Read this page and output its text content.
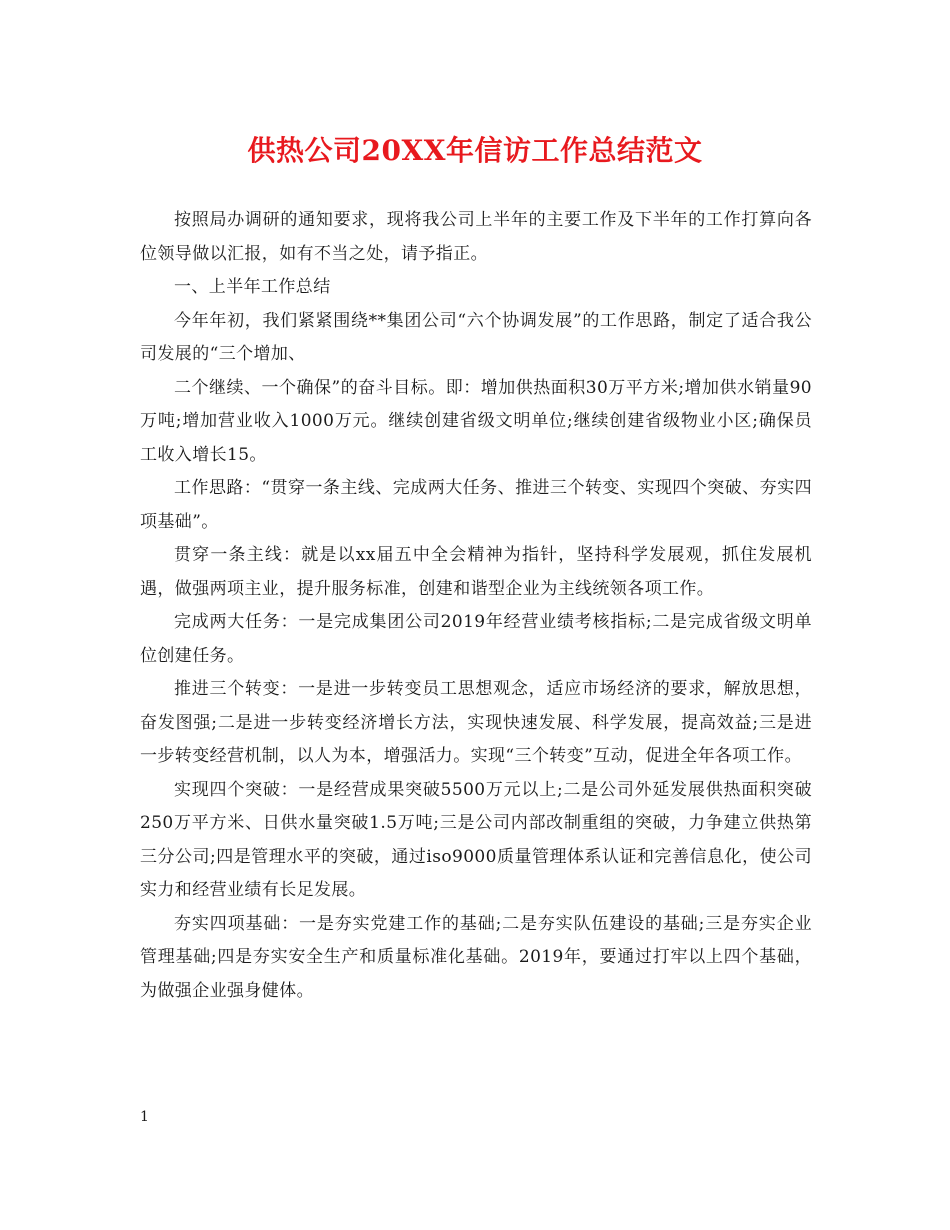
供热公司20XX年信访工作总结范文

按照局办调研的通知要求，现将我公司上半年的主要工作及下半年的工作打算向各位领导做以汇报，如有不当之处，请予指正。

一、上半年工作总结

今年年初，我们紧紧围绕**集团公司“六个协调发展”的工作思路，制定了适合我公司发展的“三个增加、

二个继续、一个确保”的奋斗目标。即：增加供热面积30万平方米;增加供水销量90万吨;增加营业收入1000万元。继续创建省级文明单位;继续创建省级物业小区;确保员工收入增长15。

工作思路：“贯穿一条主线、完成两大任务、推进三个转变、实现四个突破、夯实四项基础”。

贯穿一条主线：就是以xx届五中全会精神为指针，坚持科学发展观，抓住发展机遇，做强两项主业，提升服务标准，创建和谐型企业为主线统领各项工作。

完成两大任务：一是完成集团公司2019年经营业绩考核指标;二是完成省级文明单位创建任务。

推进三个转变：一是进一步转变员工思想观念，适应市场经济的要求，解放思想，奋发图强;二是进一步转变经济增长方法，实现快速发展、科学发展，提高效益;三是进一步转变经营机制，以人为本，增强活力。实现“三个转变”互动，促进全年各项工作。

实现四个突破：一是经营成果突破5500万元以上;二是公司外延发展供热面积突破250万平方米、日供水量突破1.5万吨;三是公司内部改制重组的突破，力争建立供热第三分公司;四是管理水平的突破，通过iso9000质量管理体系认证和完善信息化，使公司实力和经营业绩有长足发展。

夯实四项基础：一是夯实党建工作的基础;二是夯实队伍建设的基础;三是夯实企业管理基础;四是夯实安全生产和质量标准化基础。2019年，要通过打牢以上四个基础，为做强企业强身健体。

1
